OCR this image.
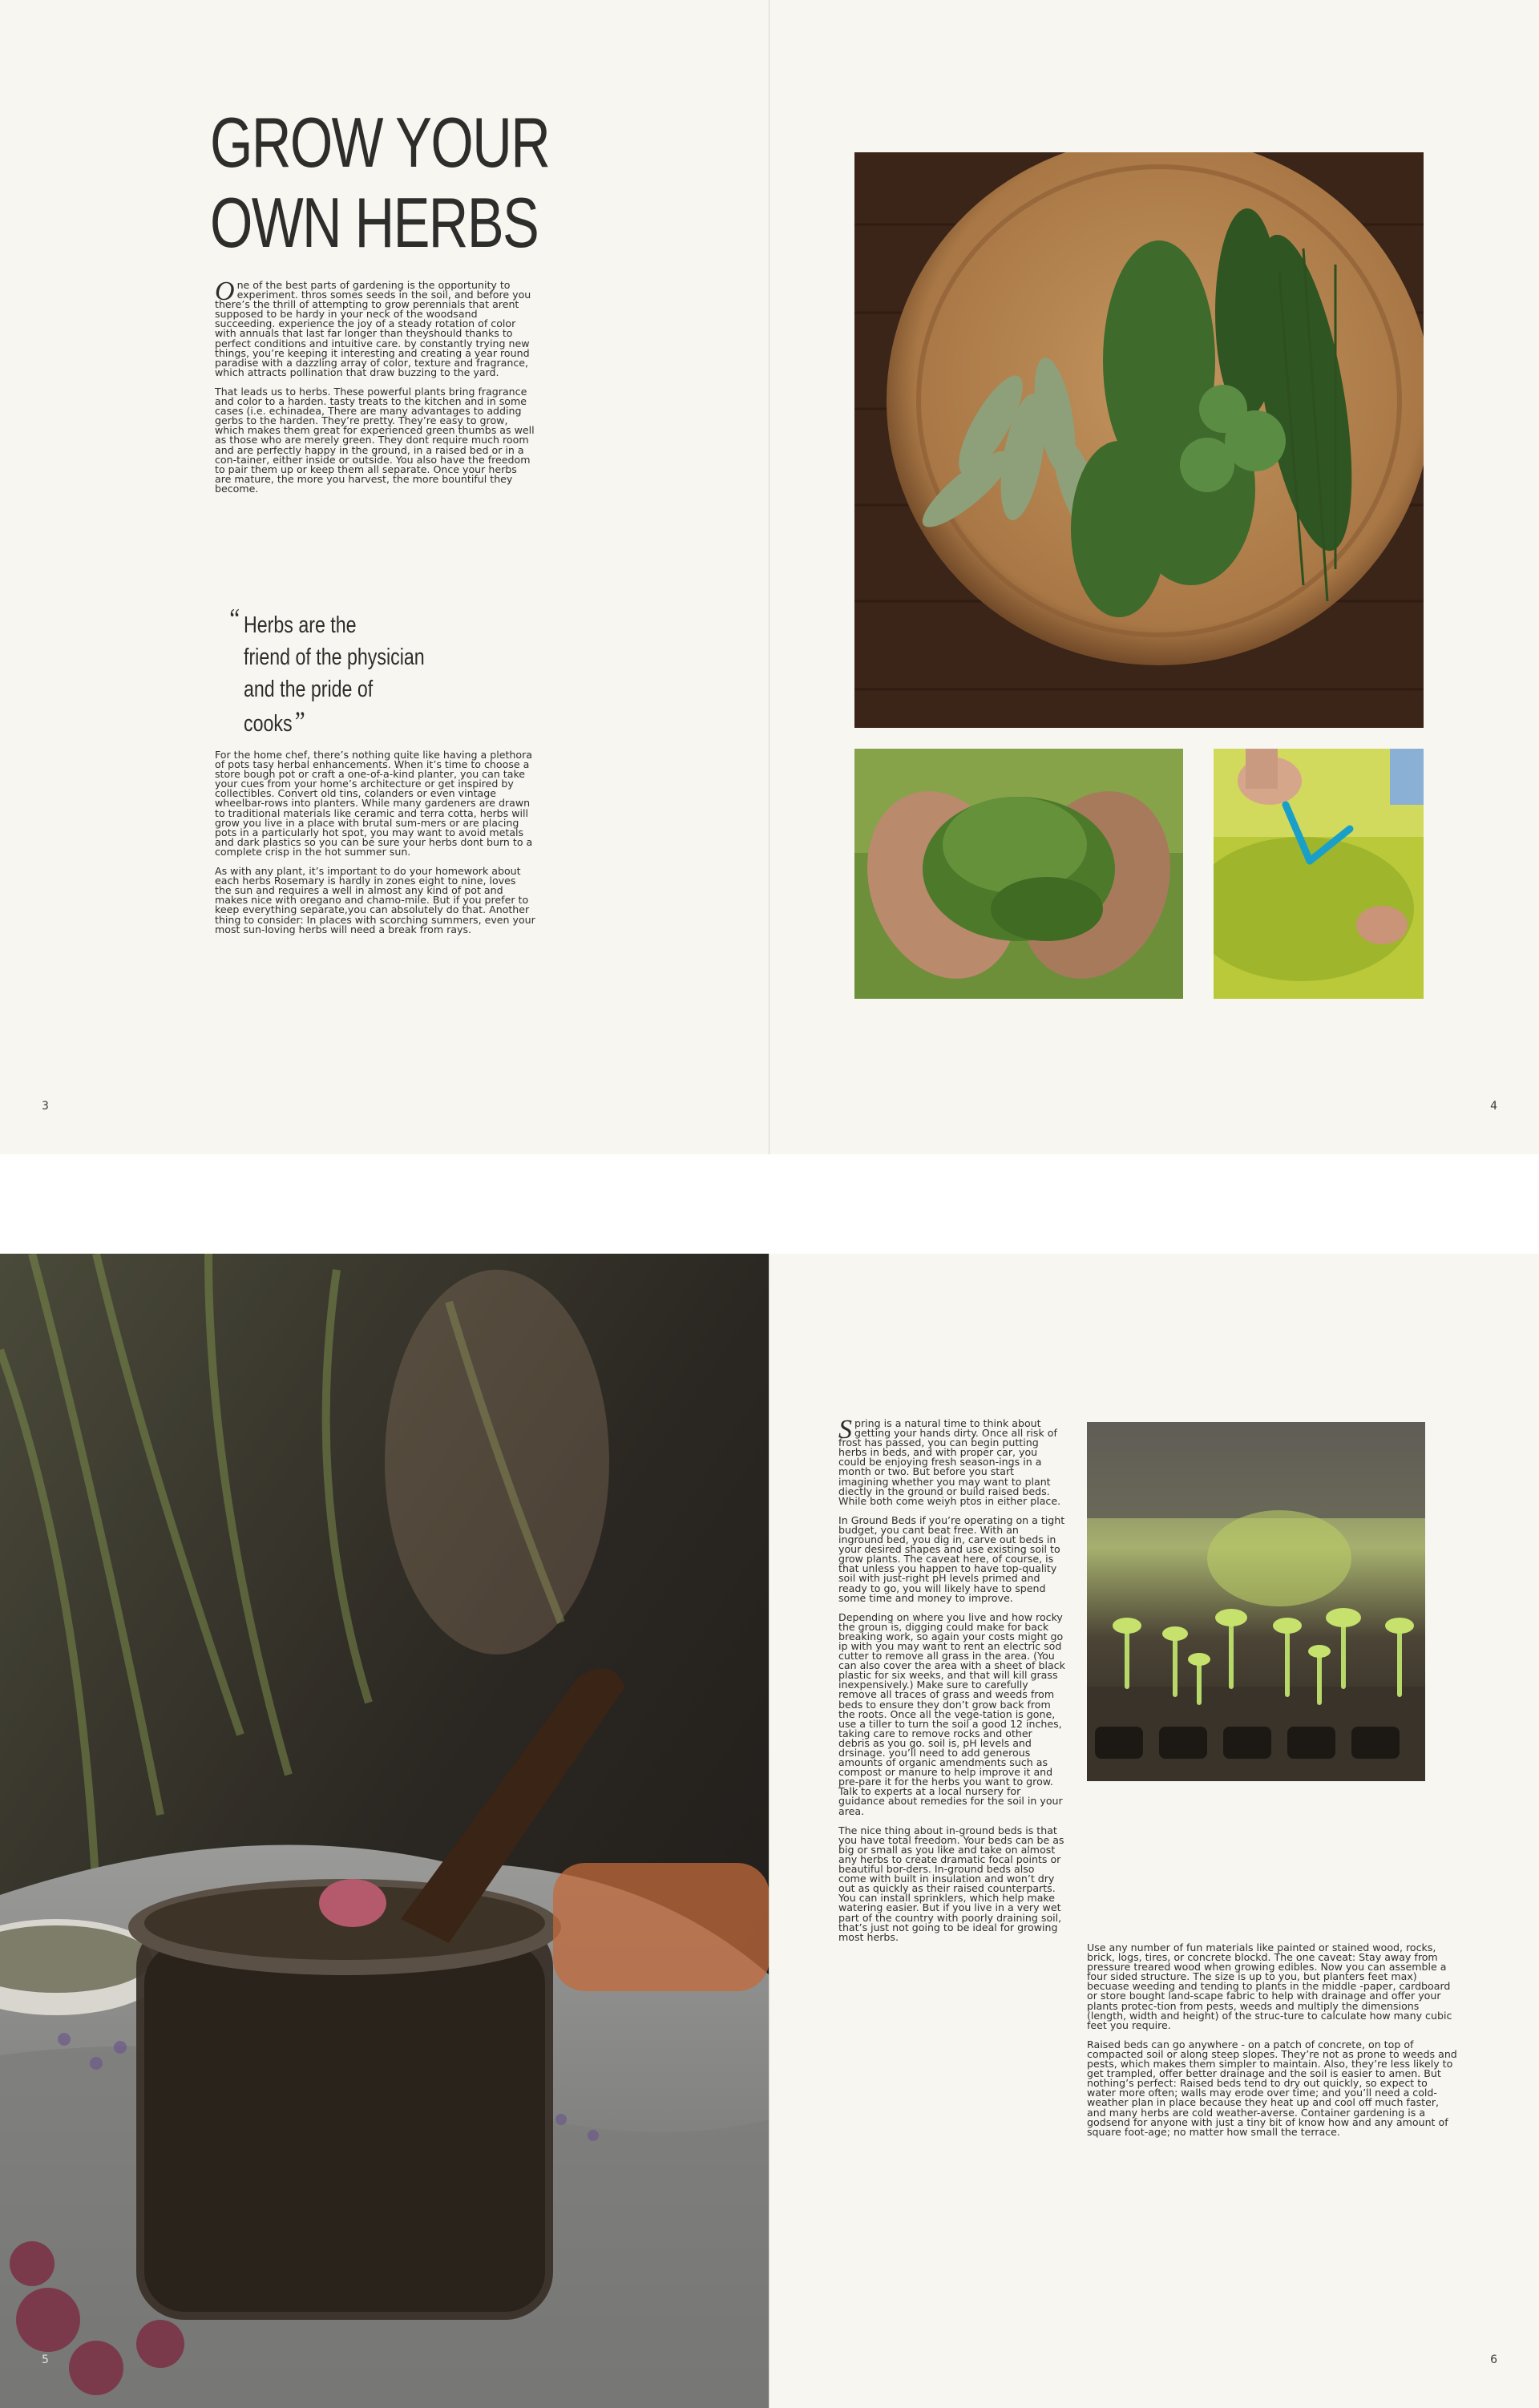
GROW YOUR
OWN HERBS

One of the best parts of gardening is the opportunity to experiment. thros somes seeds in the soil, and before you there’s the thrill of attempting to grow perennials that arent supposed to be hardy in your neck of the woodsand succeeding. experience the joy of a steady rotation of color with annuals that last far longer than theyshould thanks to perfect conditions and intuitive care. by constantly trying new things, you’re keeping it interesting and creating a year round paradise with a dazzling array of color, texture and fragrance, which attracts pollination that draw buzzing to the yard.

That leads us to herbs. These powerful plants bring fragrance and color to a harden. tasty treats to the kitchen and in some cases (i.e. echinadea, There are many advantages to adding gerbs to the harden. They’re pretty. They’re easy to grow, which makes them great for experienced green thumbs as well as those who are merely green. They dont require much room and are perfectly happy in the ground, in a raised bed or in a con-tainer, either inside or outside. You also have the freedom to pair them up or keep them all separate. Once your herbs are mature, the more you harvest, the more bountiful they become.

“ Herbs are the
friend of the physician
and the pride of cooks”

For the home chef, there’s nothing quite like having a plethora of pots tasy herbal enhancements. When it’s time to choose a store bough pot or craft a one-of-a-kind planter, you can take your cues from your home’s architecture or get inspired by collectibles. Convert old tins, colanders or even vintage wheelbar-rows into planters. While many gardeners are drawn to traditional materials like ceramic and terra cotta, herbs will grow you live in a place with brutal sum-mers or are placing pots in a particularly hot spot, you may want to avoid metals and dark plastics so you can be sure your herbs dont burn to a complete crisp in the hot summer sun.

As with any plant, it’s important to do your homework about each herbs Rosemary is hardly in zones eight to nine, loves the sun and requires a well in almost any kind of pot and makes nice with oregano and chamo-mile. But if you prefer to keep everything separate,you can absolutely do that. Another thing to consider: In places with scorching summers, even your most sun-loving herbs will need a break from rays.

3	4
5

Spring is a natural time to think about getting your hands dirty. Once all risk of frost has passed, you can begin putting herbs in beds, and with proper car, you could be enjoying fresh season-ings in a month or two. But before you start imagining whether you may want to plant diectly in the ground or build raised beds. While both come weiyh ptos in either place.

In Ground Beds if you’re operating on a tight budget, you cant beat free. With an inground bed, you dig in, carve out beds in your desired shapes and use existing soil to grow plants. The caveat here, of course, is that unless you happen to have top-quality soil with just-right pH levels primed and ready to go, you will likely have to spend some time and money to improve.

Depending on where you live and how rocky the groun is, digging could make for back breaking work, so again your costs might go ip with you may want to rent an electric sod cutter to remove all grass in the area. (You can also cover the area with a sheet of black plastic for six weeks, and that will kill grass inexpensively.) Make sure to carefully remove all traces of grass and weeds from beds to ensure they don’t grow back from the roots. Once all the vege-tation is gone, use a tiller to turn the soil a good 12 inches, taking care to remove rocks and other debris as you go. soil is, pH levels and drsinage. you’ll need to add generous amounts of organic amendments such as compost or manure to help improve it and pre-pare it for the herbs you want to grow. Talk to experts at a local nursery for guidance about remedies for the soil in your area.

The nice thing about in-ground beds is that you have total freedom. Your beds can be as big or small as you like and take on almost any herbs to create dramatic focal points or beautiful bor-ders. In-ground beds also come with built in insulation and won’t dry out as quickly as their raised counterparts. You can install sprinklers, which help make watering easier. But if you live in a very wet part of the country with poorly draining soil, that’s just not going to be ideal for growing most herbs.

Use any number of fun materials like painted or stained wood, rocks, brick, logs, tires, or concrete blockd. The one caveat: Stay away from pressure treared wood when growing edibles. Now you can assemble a four sided structure. The size is up to you, but planters feet max) becuase weeding and tending to plants in the middle -paper, cardboard or store bought land-scape fabric to help with drainage and offer your plants protec-tion from pests, weeds and multiply the dimensions (length, width and height) of the struc-ture to calculate how many cubic feet you require.

Raised beds can go anywhere - on a patch of concrete, on top of compacted soil or along steep slopes. They’re not as prone to weeds and pests, which makes them simpler to maintain. Also, they’re less likely to get trampled, offer better drainage and the soil is easier to amen. But nothing’s perfect: Raised beds tend to dry out quickly, so expect to water more often; walls may erode over time; and you’ll need a cold-weather plan in place because they heat up and cool off much faster, and many herbs are cold weather-averse. Container gardening is a godsend for anyone with just a tiny bit of know how and any amount of square foot-age; no matter how small the terrace.

6
